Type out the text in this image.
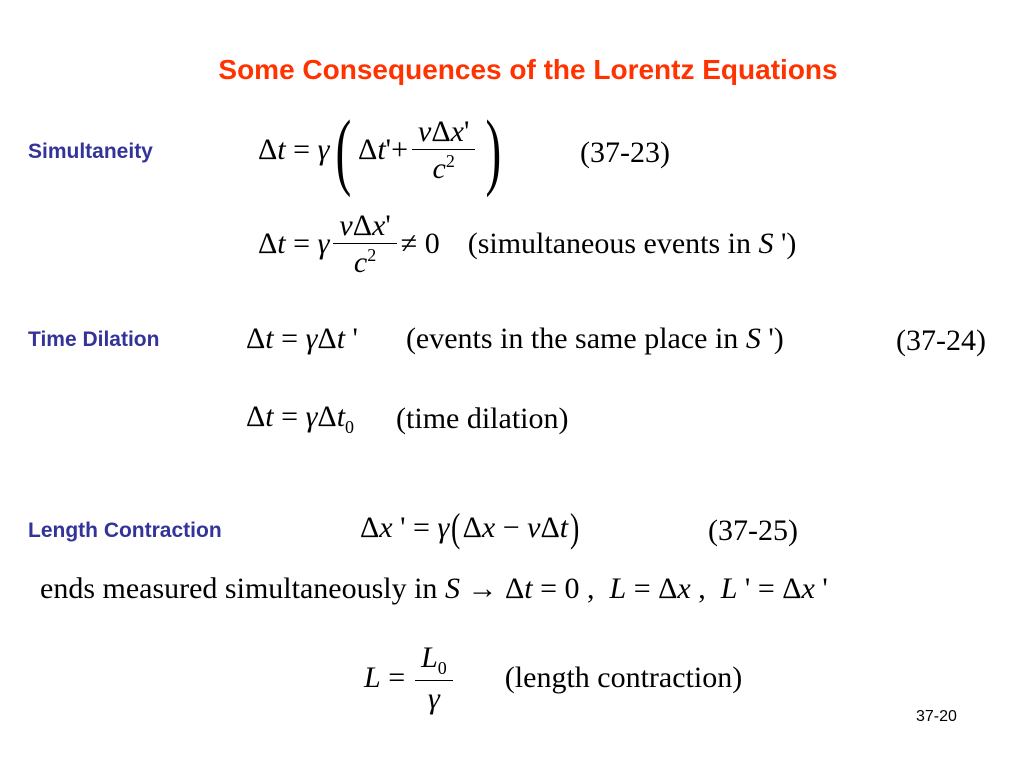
Some Consequences of the Lorentz Equations
Simultaneity	Δt = γ ( $\Delta t'+ \frac{\text{vΔx'}}{c^2}$ )	(37-23)
Δt = γ $\frac{\text{vΔx'}}{c^2} \ne 0$ (simultaneous events in S ')
Time Dilation	Δt = γΔt ' (events in the same place in S ')	(37-24)
Δt = γΔt$_0$ (time dilation)
Length Contraction	Δx ' = γ ( Δx − vΔt )	(37-25)
ends measured simultaneously in S → Δt = 0 ,  L = Δx ,  L ' = Δx '
$L = \frac{L_0}{\gamma}$ (length contraction)
37-20
